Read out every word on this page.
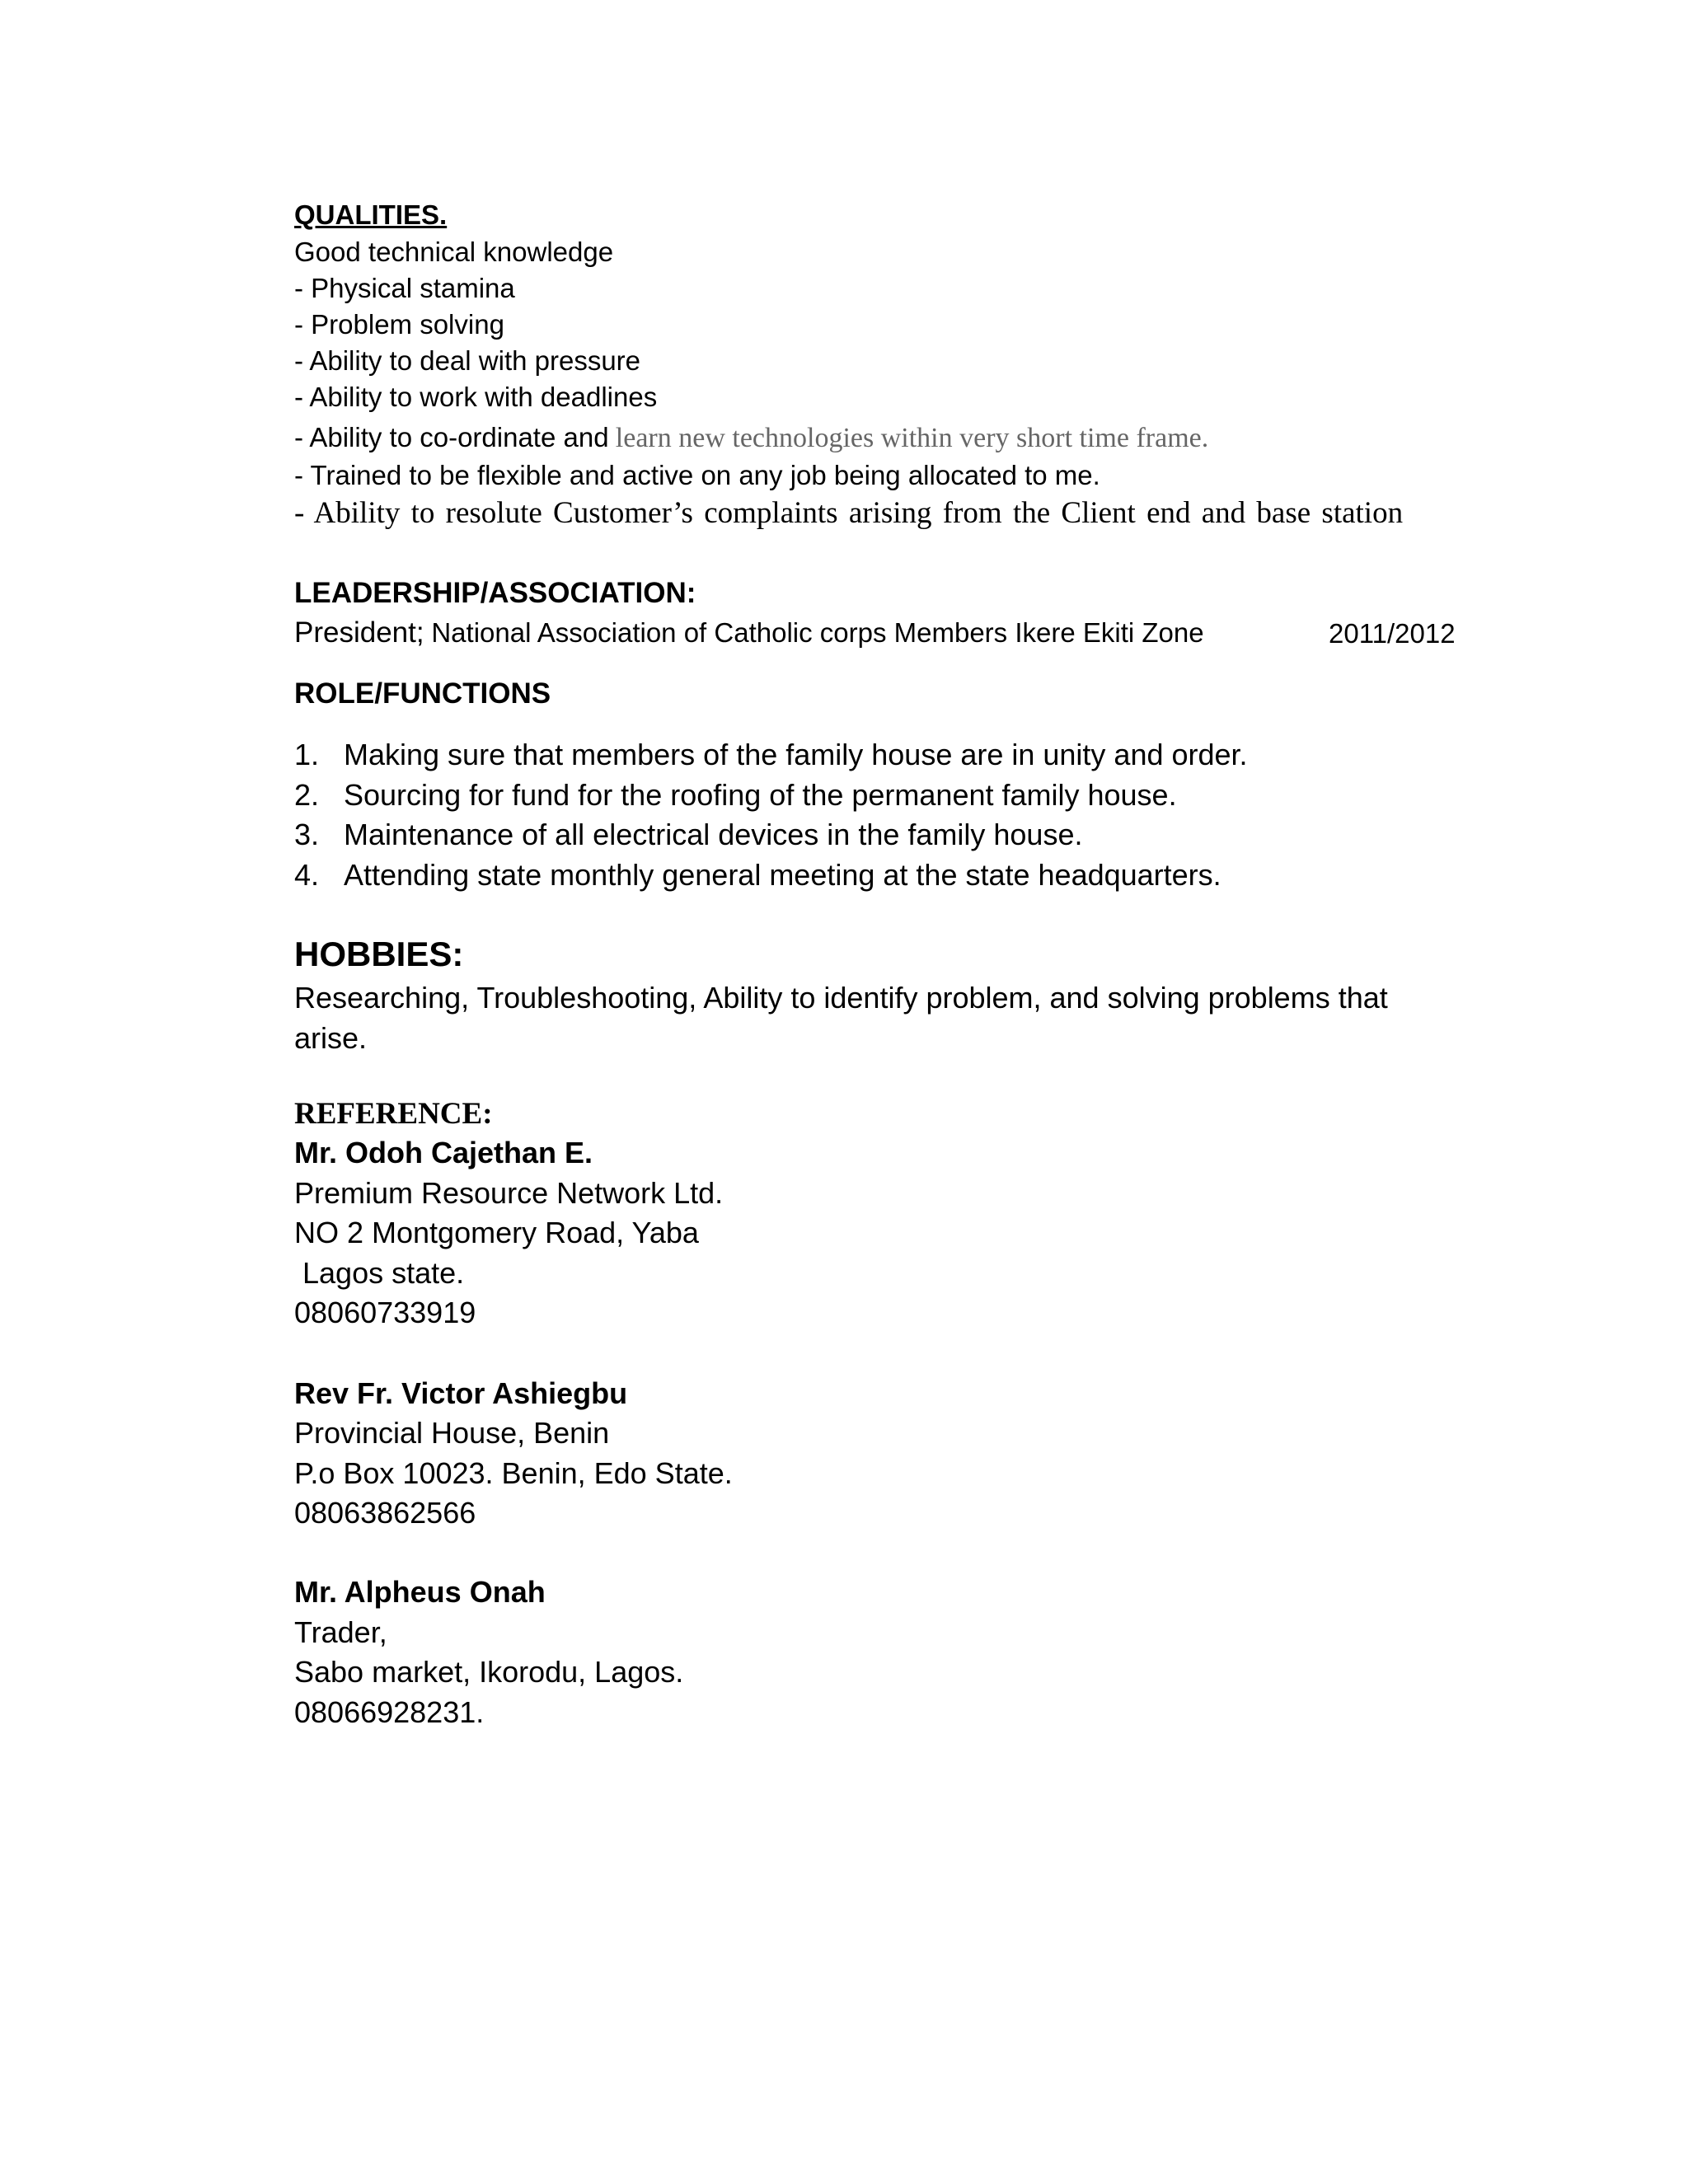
QUALITIES.
Good technical knowledge
- Physical stamina
- Problem solving
- Ability to deal with pressure
- Ability to work with deadlines
- Ability to co-ordinate and learn new technologies within very short time frame.
- Trained to be flexible and active on any job being allocated to me.
- Ability to resolute Customer’s complaints arising from the Client end and base station
LEADERSHIP/ASSOCIATION:
President; National Association of Catholic corps Members Ikere Ekiti Zone	2011/2012
ROLE/FUNCTIONS
1. Making sure that members of the family house are in unity and order.
2. Sourcing for fund for the roofing of the permanent family house.
3. Maintenance of all electrical devices in the family house.
4. Attending state monthly general meeting at the state headquarters.
HOBBIES:
Researching, Troubleshooting, Ability to identify problem, and solving problems that
arise.
REFERENCE:
Mr. Odoh Cajethan E.
Premium Resource Network Ltd.
NO 2 Montgomery Road, Yaba
Lagos state.
08060733919
Rev Fr. Victor Ashiegbu
Provincial House, Benin
P.o Box 10023. Benin, Edo State.
08063862566
Mr. Alpheus Onah
Trader,
Sabo market, Ikorodu, Lagos.
08066928231.
